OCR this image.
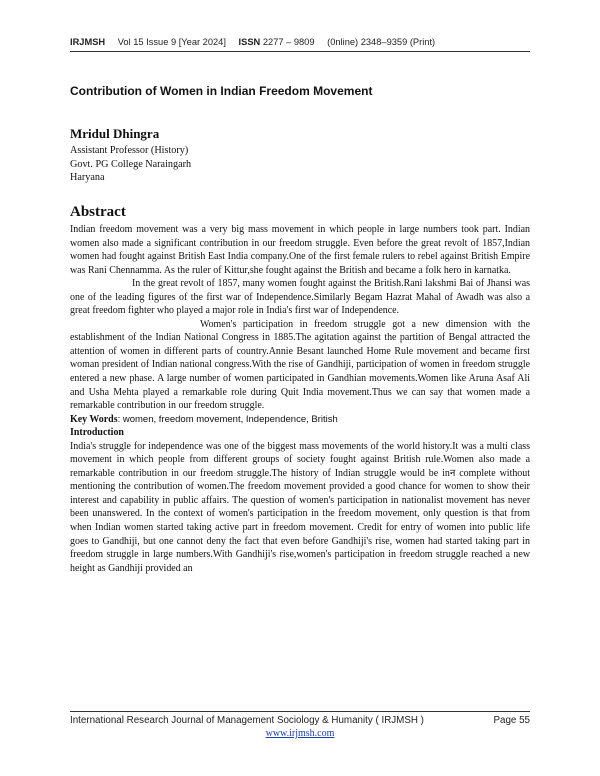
IRJMSH Vol 15 Issue 9 [Year 2024] ISSN 2277 – 9809 (0nline) 2348–9359 (Print)
Contribution of Women in Indian Freedom Movement
Mridul Dhingra
Assistant Professor (History)
Govt. PG College Naraingarh
Haryana
Abstract

Indian freedom movement was a very big mass movement in which people in large numbers took part. Indian women also made a significant contribution in our freedom struggle. Even before the great revolt of 1857,Indian women had fought against British East India company.One of the first female rulers to rebel against British Empire was Rani Chennamma. As the ruler of Kittur,she fought against the British and became a folk hero in karnatka.

In the great revolt of 1857, many women fought against the British.Rani lakshmi Bai of Jhansi was one of the leading figures of the first war of Independence.Similarly Begam Hazrat Mahal of Awadh was also a great freedom fighter who played a major role in India's first war of Independence.

Women's participation in freedom struggle got a new dimension with the establishment of the Indian National Congress in 1885.The agitation against the partition of Bengal attracted the attention of women in different parts of country.Annie Besant launched Home Rule movement and became first woman president of Indian national congress.With the rise of Gandhiji, participation of women in freedom struggle entered a new phase. A large number of women participated in Gandhian movements.Women like Aruna Asaf Ali and Usha Mehta played a remarkable role during Quit India movement.Thus we can say that women made a remarkable contribution in our freedom struggle.

Key Words: women, freedom movement, Independence, British

Introduction

India's struggle for independence was one of the biggest mass movements of the world history.It was a multi class movement in which people from different groups of society fought against British rule.Women also made a remarkable contribution in our freedom struggle.The history of Indian struggle would be inन complete without mentioning the contribution of women.The freedom movement provided a good chance for women to show their interest and capability in public affairs. The question of women's participation in nationalist movement has never been unanswered. In the context of women's participation in the freedom movement, only question is that from when Indian women started taking active part in freedom movement. Credit for entry of women into public life goes to Gandhiji, but one cannot deny the fact that even before Gandhiji's rise, women had started taking part in freedom struggle in large numbers.With Gandhiji's rise,women's participation in freedom struggle reached a new height as Gandhiji provided an

International Research Journal of Management Sociology & Humanity ( IRJMSH )	Page 55
www.irjmsh.com
